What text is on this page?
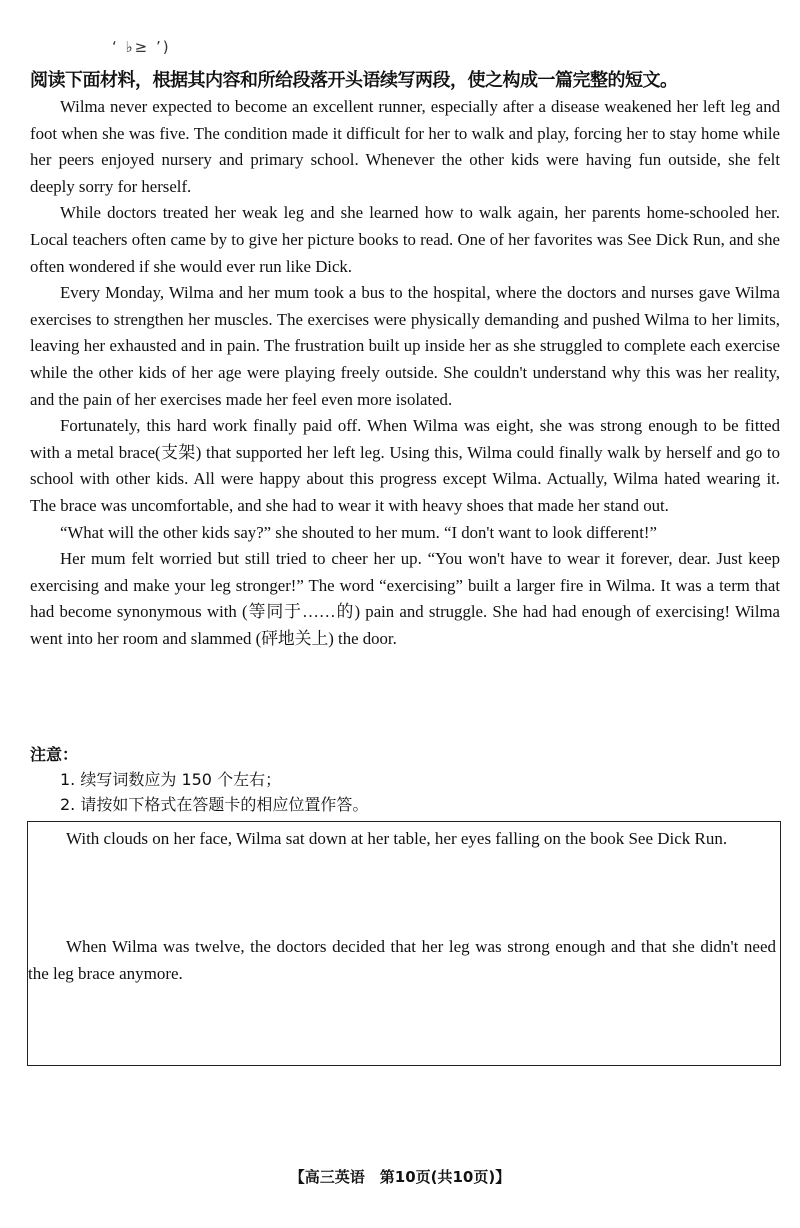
‘ ♭≥ ’)
阅读下面材料，根据其内容和所给段落开头语续写两段，使之构成一篇完整的短文。

Wilma never expected to become an excellent runner, especially after a disease weakened her left leg and foot when she was five. The condition made it difficult for her to walk and play, forcing her to stay home while her peers enjoyed nursery and primary school. Whenever the other kids were having fun outside, she felt deeply sorry for herself.

While doctors treated her weak leg and she learned how to walk again, her parents home-schooled her. Local teachers often came by to give her picture books to read. One of her favorites was See Dick Run, and she often wondered if she would ever run like Dick.

Every Monday, Wilma and her mum took a bus to the hospital, where the doctors and nurses gave Wilma exercises to strengthen her muscles. The exercises were physically demanding and pushed Wilma to her limits, leaving her exhausted and in pain. The frustration built up inside her as she struggled to complete each exercise while the other kids of her age were playing freely outside. She couldn't understand why this was her reality, and the pain of her exercises made her feel even more isolated.

Fortunately, this hard work finally paid off. When Wilma was eight, she was strong enough to be fitted with a metal brace(支架) that supported her left leg. Using this, Wilma could finally walk by herself and go to school with other kids. All were happy about this progress except Wilma. Actually, Wilma hated wearing it. The brace was uncomfortable, and she had to wear it with heavy shoes that made her stand out.

“What will the other kids say?” she shouted to her mum. “I don't want to look different!”

Her mum felt worried but still tried to cheer her up. “You won't have to wear it forever, dear. Just keep exercising and make your leg stronger!” The word “exercising” built a larger fire in Wilma. It was a term that had become synonymous with (等同于……的) pain and struggle. She had had enough of exercising! Wilma went into her room and slammed (砰地关上) the door.

注意：
1. 续写词数应为 150 个左右；
2. 请按如下格式在答题卡的相应位置作答。

With clouds on her face, Wilma sat down at her table, her eyes falling on the book See Dick Run.

When Wilma was twelve, the doctors decided that her leg was strong enough and that she didn't need the leg brace anymore.

【高三英语　第10页(共10页)】
